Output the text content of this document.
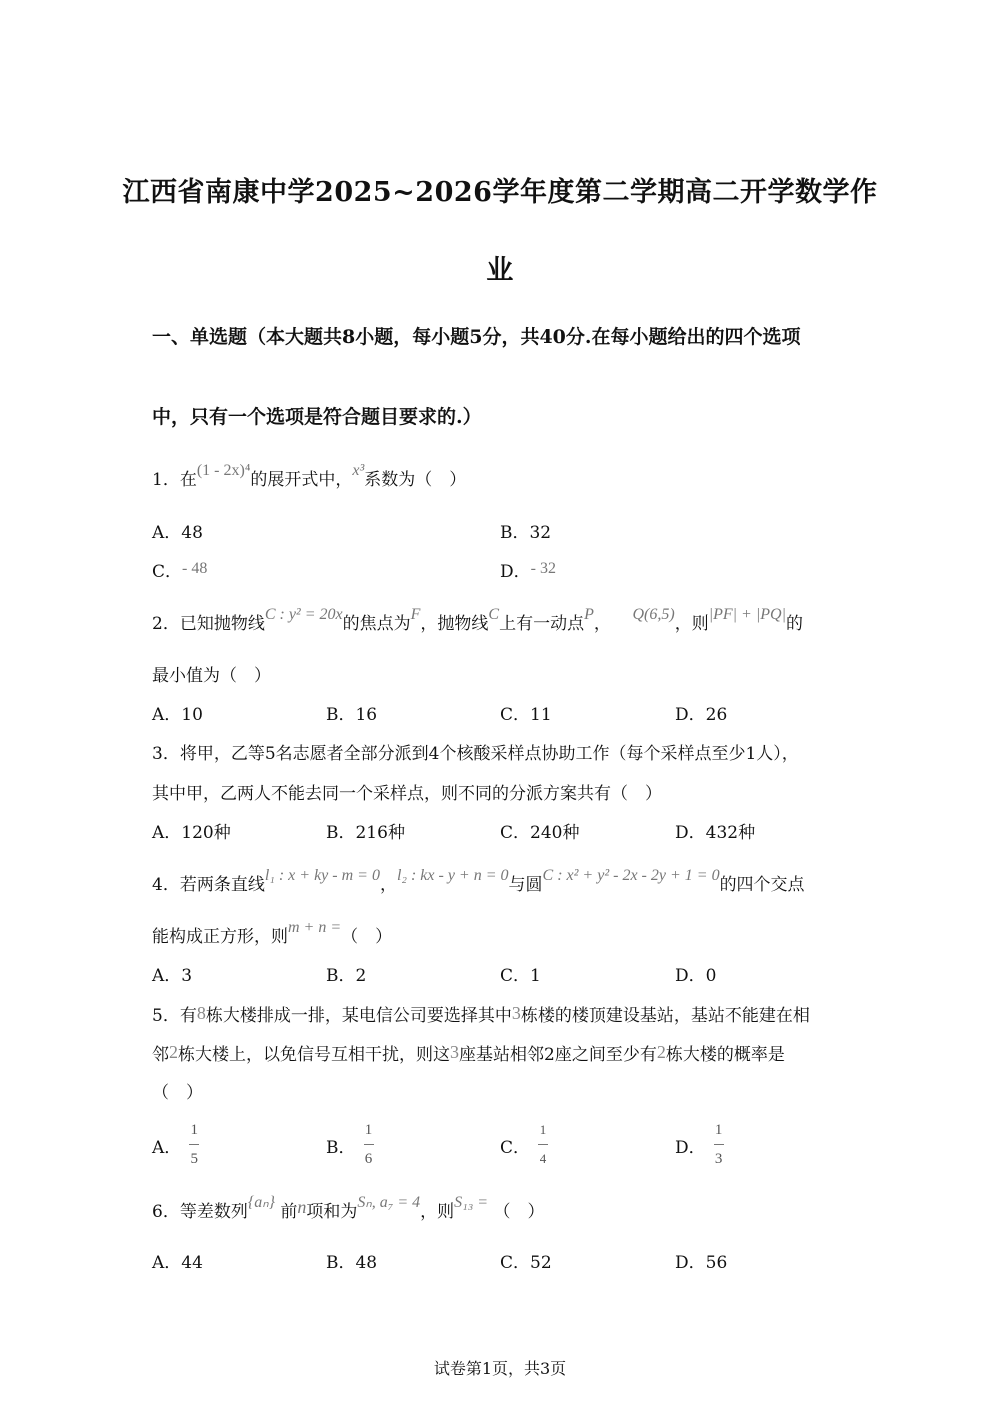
江西省南康中学2025~2026学年度第二学期高二开学数学作
业
一、单选题（本大题共8小题，每小题5分，共40分.在每小题给出的四个选项
中，只有一个选项是符合题目要求的.）
1．在(1 - 2x)⁴的展开式中，x³系数为（　）
A．48	B．32
C．- 48	D．- 32
2．已知抛物线C : y² = 20x的焦点为F，抛物线C上有一动点P， Q(6,5)，则|PF| + |PQ|的
最小值为（　）
A．10	B．16	C．11	D．26
3．将甲，乙等5名志愿者全部分派到4个核酸采样点协助工作（每个采样点至少1人），
其中甲，乙两人不能去同一个采样点，则不同的分派方案共有（　）
A．120种	B．216种	C．240种	D．432种
4．若两条直线l₁ : x + ky - m = 0，l₂ : kx - y + n = 0与圆C : x² + y² - 2x - 2y + 1 = 0的四个交点
能构成正方形，则m + n =（　）
A．3	B．2	C．1	D．0
5．有8栋大楼排成一排，某电信公司要选择其中3栋楼的楼顶建设基站，基站不能建在相
邻2栋大楼上，以免信号互相干扰，则这3座基站相邻2座之间至少有2栋大楼的概率是
（　）
A． $\frac{1}{5}$	B． $\frac{1}{6}$	C． $\frac{1}{4}$	D． $\frac{1}{3}$
6．等差数列{aₙ} 前n项和为Sₙ, a₇ = 4，则S₁₃ = （　）
A．44	B．48	C．52	D．56
试卷第1页，共3页
